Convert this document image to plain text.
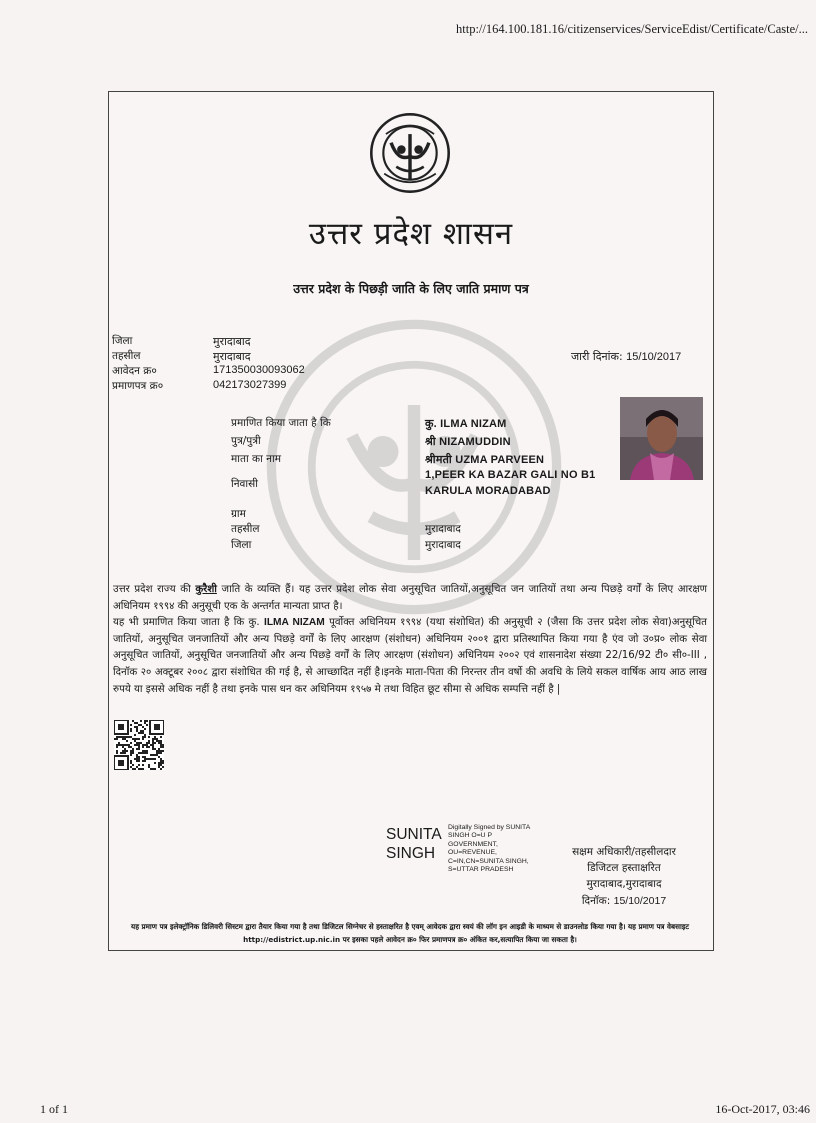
http://164.100.181.16/citizenservices/ServiceEdist/Certificate/Caste/...
उत्तर प्रदेश शासन
उत्तर प्रदेश के पिछड़ी जाति के लिए जाति प्रमाण पत्र
जिला	मुरादाबाद
तहसील	मुरादाबाद
आवेदन क्र०	171350030093062
प्रमाणपत्र क्र०	042173027399
जारी दिनांक: 15/10/2017
प्रमाणित किया जाता है कि	कु. ILMA NIZAM
पुत्र/पुत्री	श्री NIZAMUDDIN
माता का नाम	श्रीमती UZMA PARVEEN
निवासी
1,PEER KA BAZAR GALI NO B1
KARULA MORADABAD
ग्राम
तहसील	मुरादाबाद
जिला	मुरादाबाद

उत्तर प्रदेश राज्य की कुरैशी जाति के व्यक्ति हैं। यह उत्तर प्रदेश लोक सेवा अनुसूचित जातियों,अनुसूचित जन जातियों तथा अन्य पिछड़े वर्गों के लिए आरक्षण अधिनियम १९९४ की अनुसूची एक के अन्तर्गत मान्यता प्राप्त है।

यह भी प्रमाणित किया जाता है कि कु. ILMA NIZAM पूर्वोक्त अधिनियम १९९४ (यथा संशोधित) की अनुसूची २ (जैसा कि उत्तर प्रदेश लोक सेवा)अनुसूचित जातियों, अनुसूचित जनजातियों और अन्य पिछड़े वर्गों के लिए आरक्षण (संशोधन) अधिनियम २००१ द्वारा प्रतिस्थापित किया गया है एंव जो उ०प्र० लोक सेवा अनुसूचित जातियों, अनुसूचित जनजातियों और अन्य पिछड़े वर्गों के लिए आरक्षण (संशोधन) अधिनियम २००२ एवं शासनादेश संख्या 22/16/92 टी० सी०-III , दिनॉक २० अक्टूबर २००८ द्वारा संशोधित की गई है, से आच्छादित नहीं है।इनके माता-पिता की निरन्तर तीन वर्षो की अवधि के लिये सकल वार्षिक आय आठ लाख रुपये या इससे अधिक नहीं है तथा इनके पास धन कर अधिनियम १९५७ मे तथा विहित छूट सीमा से अधिक सम्पत्ति नहीं है |

SUNITA
SINGH
Digitally Signed by SUNITA
SINGH O=U P
GOVERNMENT,
OU=REVENUE,
C=IN,CN=SUNITA SINGH,
S=UTTAR PRADESH
सक्षम अधिकारी/तहसीलदार
डिजिटल हस्ताक्षरित
मुरादाबाद,मुरादाबाद
दिनॉक: 15/10/2017
यह प्रमाण पत्र इलेक्ट्रॉनिक डिलिवरी सिस्टम द्वारा तैयार किया गया है तथा डिजिटल सिग्नेचर से हस्ताक्षरित है एवम् आवेदक द्वारा स्वयं की लॉग इन आइडी के माध्यम से डाउनलोड किया गया है। यह प्रमाण पत्र वेबसाइट http://edistrict.up.nic.in पर इसका पहले आवेदन क्र० फिर प्रमाणपत्र क्र० अंकित कर,सत्यापित किया जा सकता है।
1 of 1	16-Oct-2017, 03:46
